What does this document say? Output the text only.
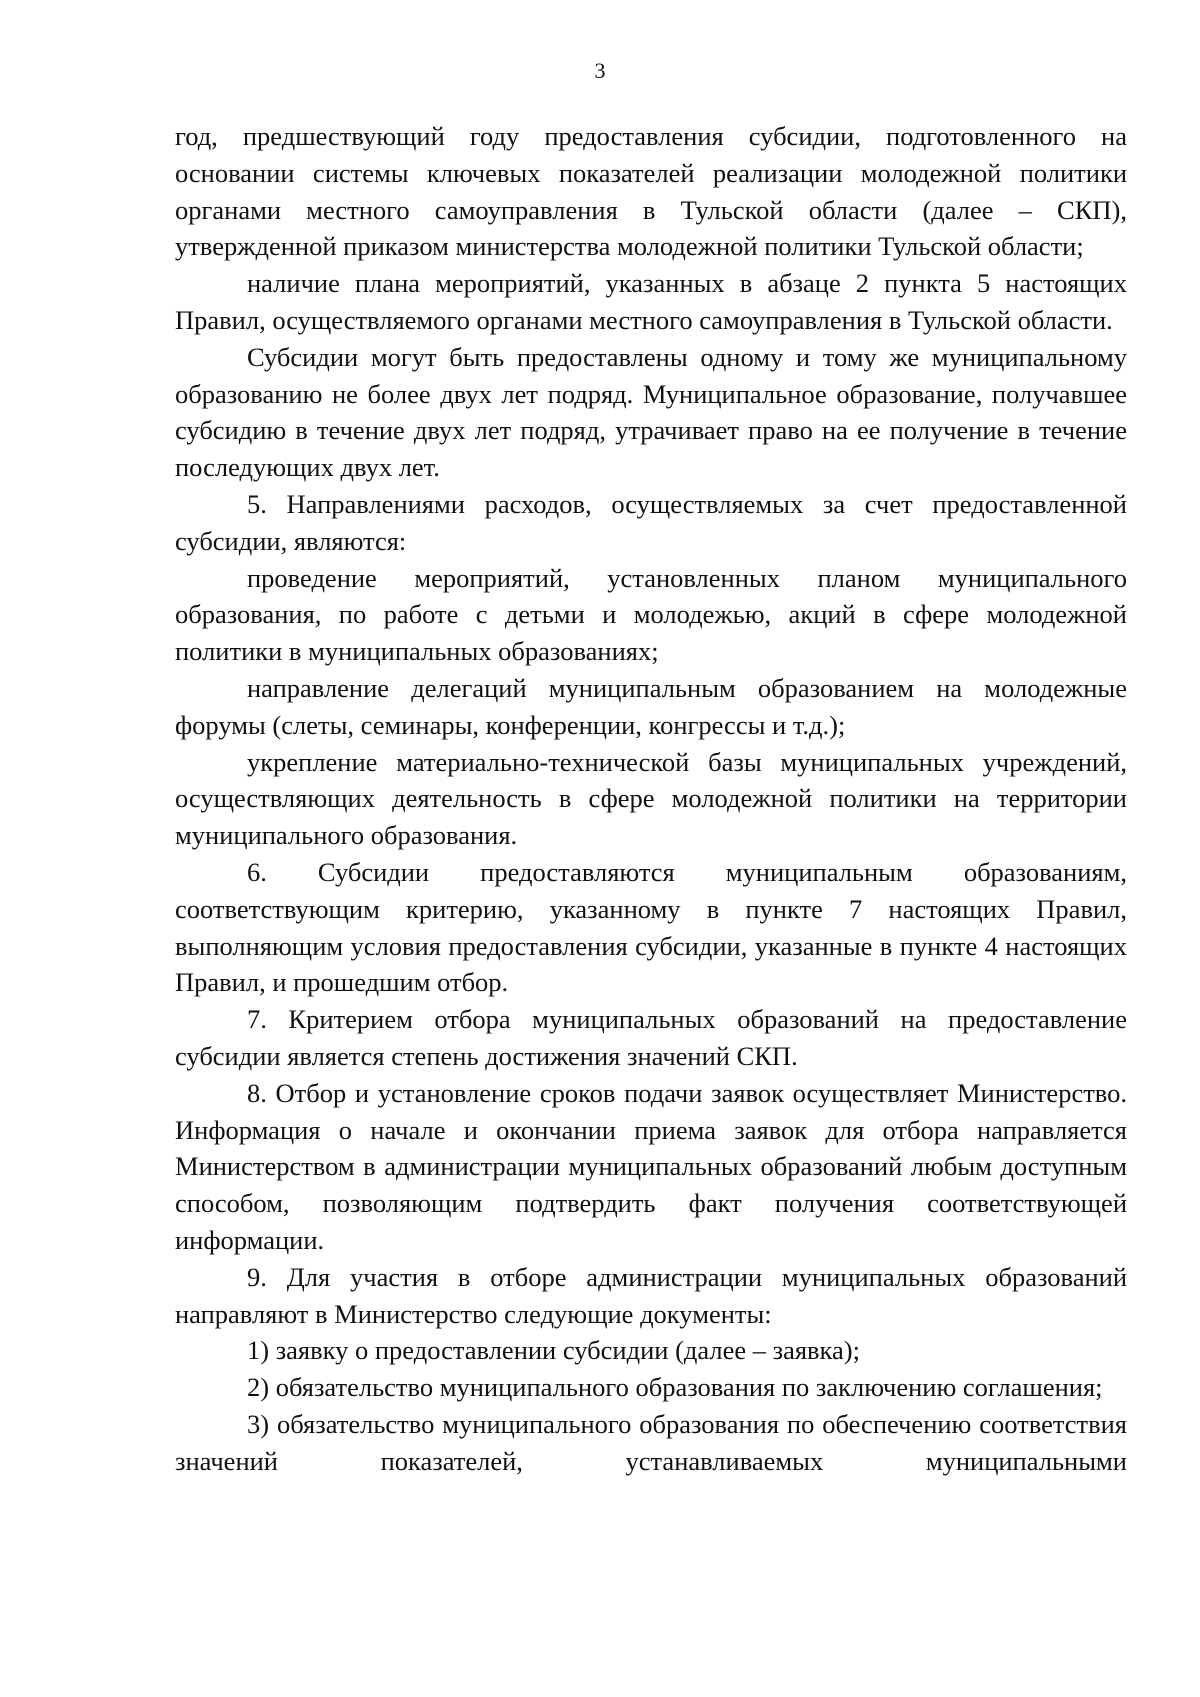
3

год, предшествующий году предоставления субсидии, подготовленного на основании системы ключевых показателей реализации молодежной политики органами местного самоуправления в Тульской области (далее – СКП), утвержденной приказом министерства молодежной политики Тульской области;

наличие плана мероприятий, указанных в абзаце 2 пункта 5 настоящих Правил, осуществляемого органами местного самоуправления в Тульской области.

Субсидии могут быть предоставлены одному и тому же муниципальному образованию не более двух лет подряд. Муниципальное образование, получавшее субсидию в течение двух лет подряд, утрачивает право на ее получение в течение последующих двух лет.

5. Направлениями расходов, осуществляемых за счет предоставленной субсидии, являются:

проведение мероприятий, установленных планом муниципального образования, по работе с детьми и молодежью, акций в сфере молодежной политики в муниципальных образованиях;

направление делегаций муниципальным образованием на молодежные форумы (слеты, семинары, конференции, конгрессы и т.д.);

укрепление материально-технической базы муниципальных учреждений, осуществляющих деятельность в сфере молодежной политики на территории муниципального образования.

6. Субсидии предоставляются муниципальным образованиям, соответствующим критерию, указанному в пункте 7 настоящих Правил, выполняющим условия предоставления субсидии, указанные в пункте 4 настоящих Правил, и прошедшим отбор.

7. Критерием отбора муниципальных образований на предоставление субсидии является степень достижения значений СКП.

8. Отбор и установление сроков подачи заявок осуществляет Министерство. Информация о начале и окончании приема заявок для отбора направляется Министерством в администрации муниципальных образований любым доступным способом, позволяющим подтвердить факт получения соответствующей информации.

9. Для участия в отборе администрации муниципальных образований направляют в Министерство следующие документы:

1) заявку о предоставлении субсидии (далее – заявка);

2) обязательство муниципального образования по заключению соглашения;

3) обязательство муниципального образования по обеспечению соответствия значений показателей, устанавливаемых муниципальными
